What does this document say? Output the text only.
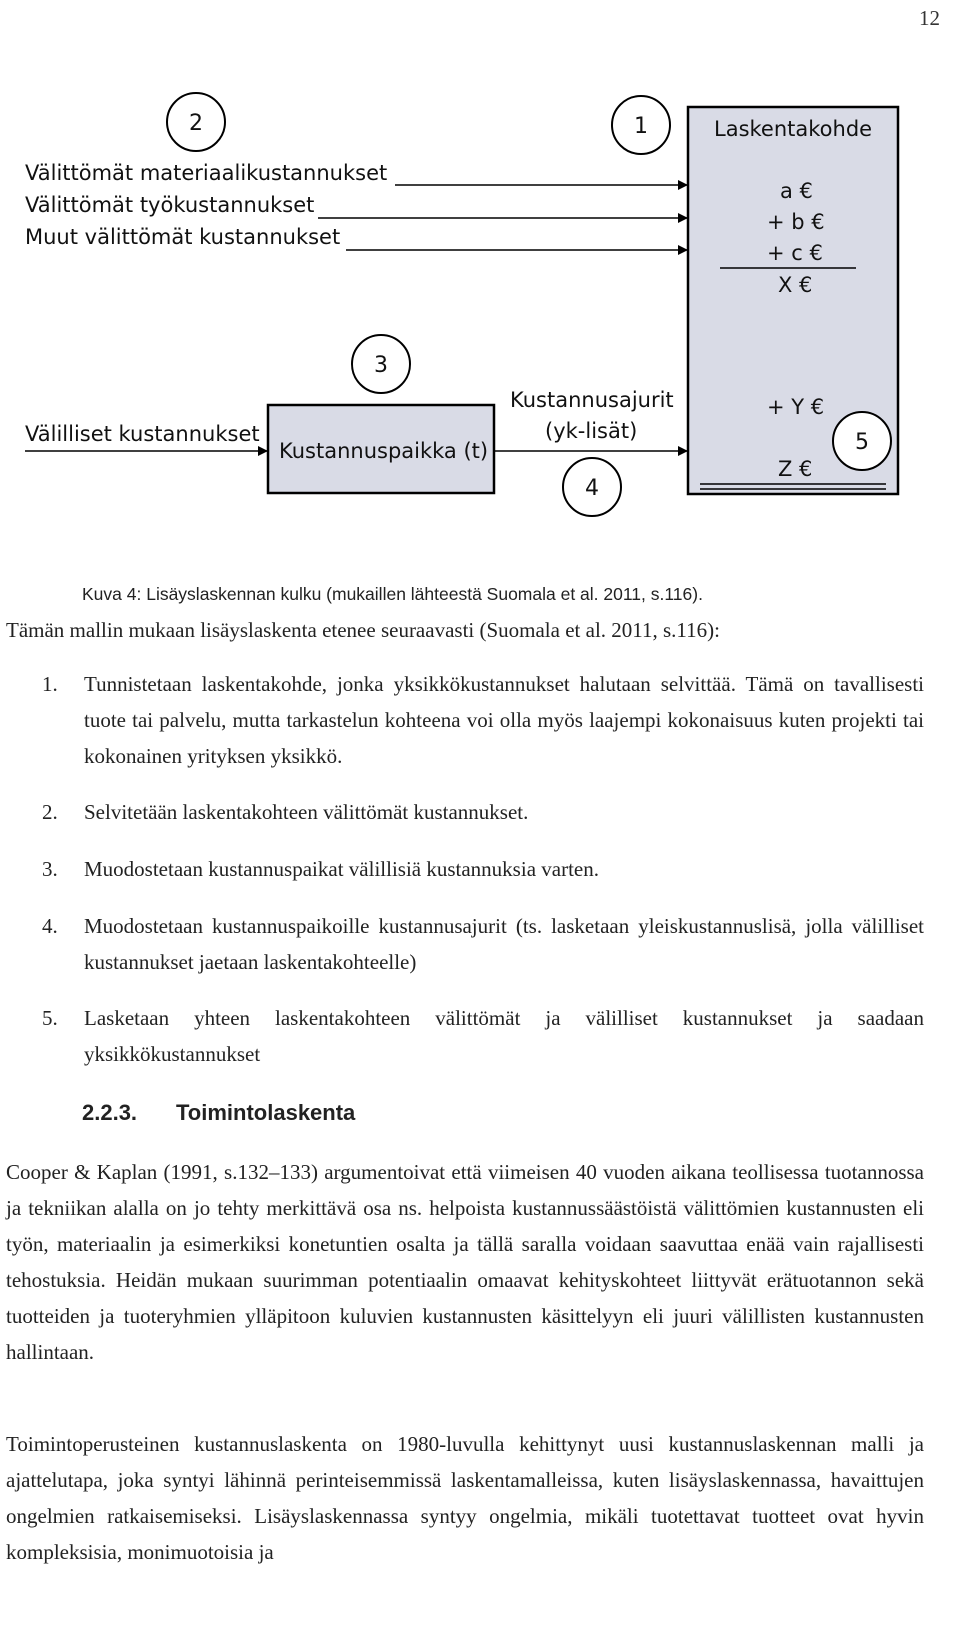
12
2	1
3
4
5
Välittömät materiaalikustannukset
Välittömät työkustannukset
Muut välittömät kustannukset
Välilliset kustannukset
Kustannuspaikka (t)
Kustannusajurit
(yk-lisät)
Laskentakohde
a €
+ b €
+ c €
X €
+ Y €
Z €
Kuva 4: Lisäyslaskennan kulku (mukaillen lähteestä Suomala et al. 2011, s.116).

Tämän mallin mukaan lisäyslaskenta etenee seuraavasti (Suomala et al. 2011, s.116):

1. Tunnistetaan laskentakohde, jonka yksikkökustannukset halutaan selvittää. Tämä on tavallisesti tuote tai palvelu, mutta tarkastelun kohteena voi olla myös laajempi kokonaisuus kuten projekti tai kokonainen yrityksen yksikkö.
2. Selvitetään laskentakohteen välittömät kustannukset.
3. Muodostetaan kustannuspaikat välillisiä kustannuksia varten.
4. Muodostetaan kustannuspaikoille kustannusajurit (ts. lasketaan yleiskustannuslisä, jolla välilliset kustannukset jaetaan laskentakohteelle)
5. Lasketaan yhteen laskentakohteen välittömät ja välilliset kustannukset ja saadaan yksikkökustannukset
2.2.3. Toimintolaskenta

Cooper & Kaplan (1991, s.132–133) argumentoivat että viimeisen 40 vuoden aikana teollisessa tuotannossa ja tekniikan alalla on jo tehty merkittävä osa ns. helpoista kustannussäästöistä välittömien kustannusten eli työn, materiaalin ja esimerkiksi konetuntien osalta ja tällä saralla voidaan saavuttaa enää vain rajallisesti tehostuksia. Heidän mukaan suurimman potentiaalin omaavat kehityskohteet liittyvät erätuotannon sekä tuotteiden ja tuoteryhmien ylläpitoon kuluvien kustannusten käsittelyyn eli juuri välillisten kustannusten hallintaan.

Toimintoperusteinen kustannuslaskenta on 1980-luvulla kehittynyt uusi kustannuslaskennan malli ja ajattelutapa, joka syntyi lähinnä perinteisemmissä laskentamalleissa, kuten lisäyslaskennassa, havaittujen ongelmien ratkaisemiseksi. Lisäyslaskennassa syntyy ongelmia, mikäli tuotettavat tuotteet ovat hyvin kompleksisia, monimuotoisia ja
